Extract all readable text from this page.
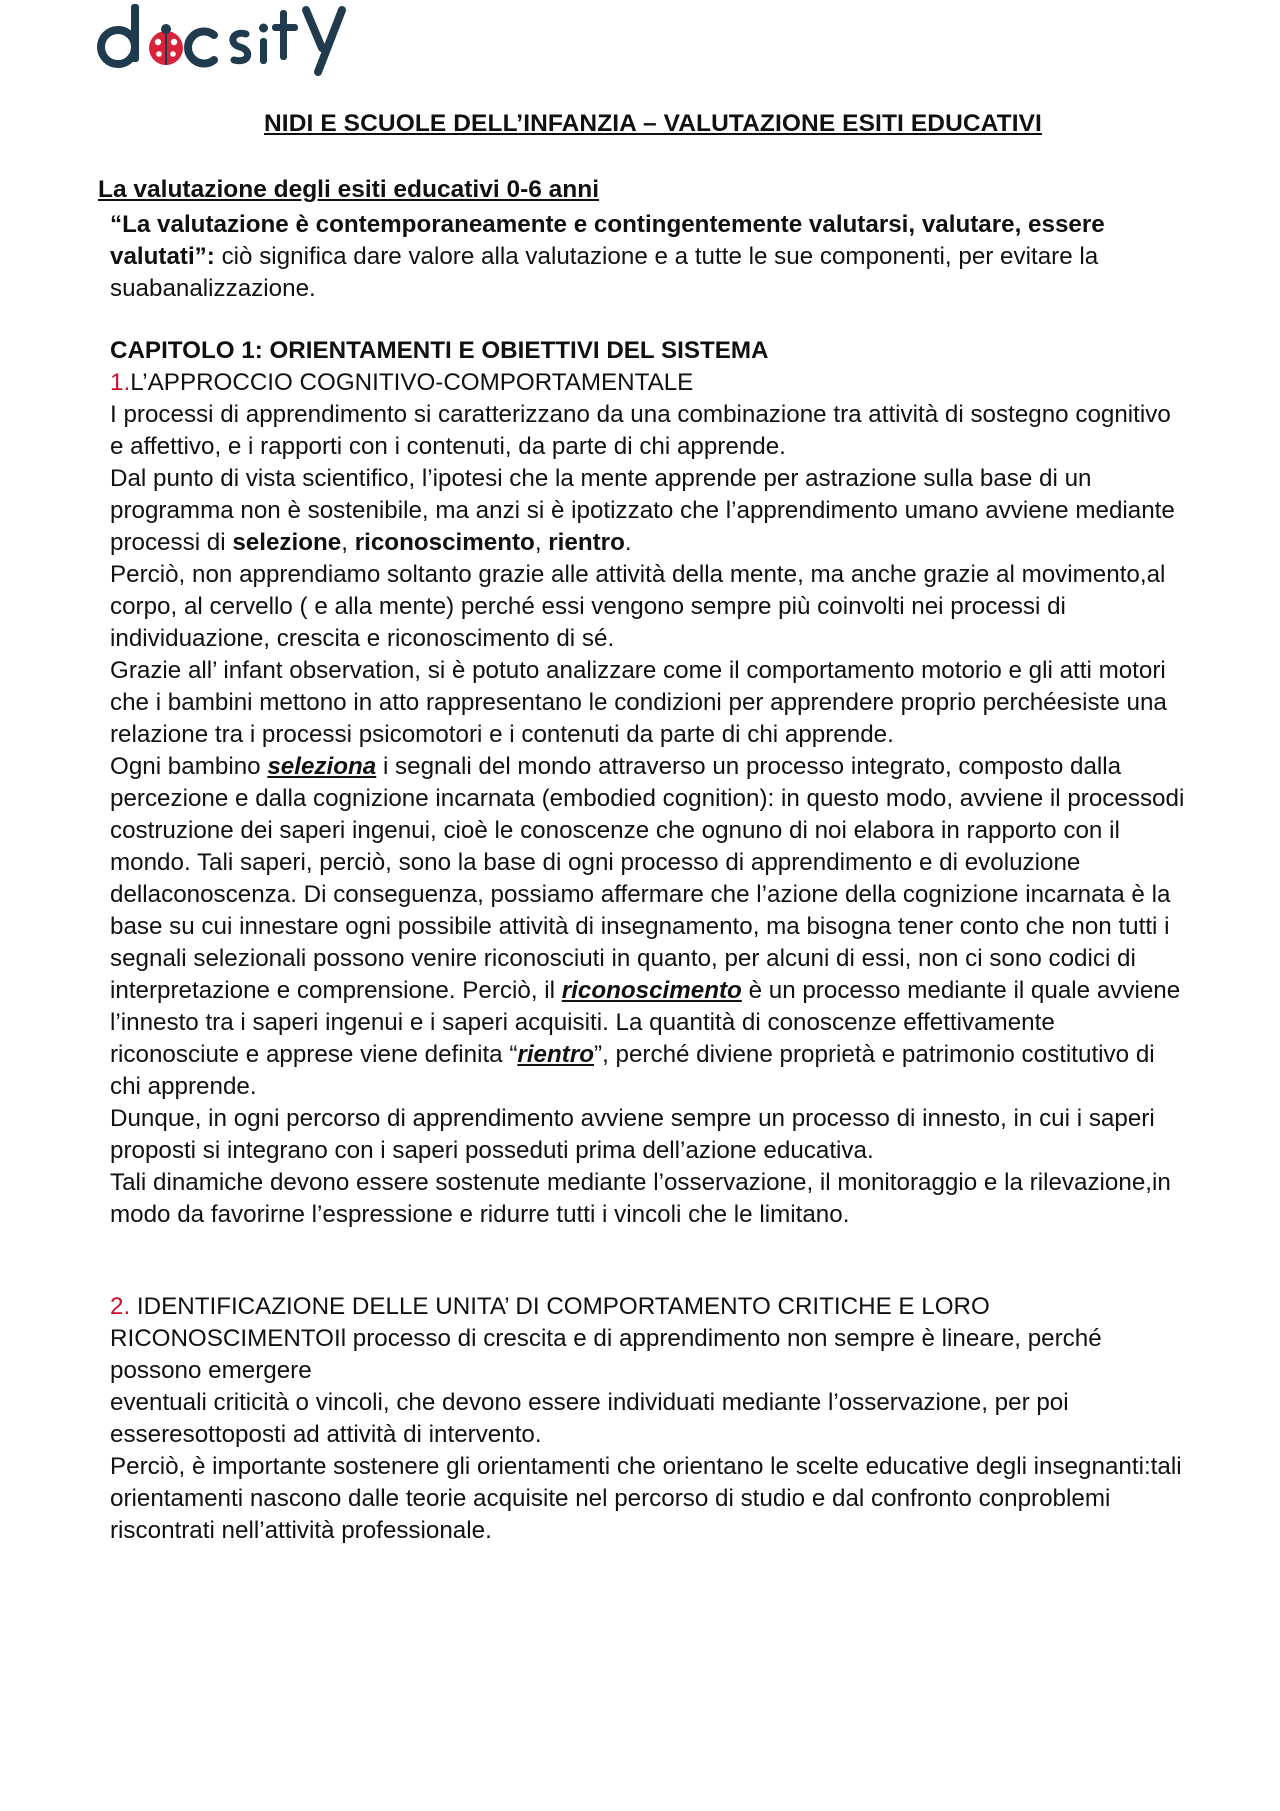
NIDI E SCUOLE DELL’INFANZIA – VALUTAZIONE ESITI EDUCATIVI
La valutazione degli esiti educativi 0-6 anni

“La valutazione è contemporaneamente e contingentemente valutarsi, valutare, essere valutati”: ciò significa dare valore alla valutazione e a tutte le sue componenti, per evitare la suabanalizzazione.

CAPITOLO 1: ORIENTAMENTI E OBIETTIVI DEL SISTEMA

1.L’APPROCCIO COGNITIVO-COMPORTAMENTALE

I processi di apprendimento si caratterizzano da una combinazione tra attività di sostegno cognitivo e affettivo, e i rapporti con i contenuti, da parte di chi apprende.

Dal punto di vista scientifico, l’ipotesi che la mente apprende per astrazione sulla base di un programma non è sostenibile, ma anzi si è ipotizzato che l’apprendimento umano avviene mediante processi di selezione, riconoscimento, rientro.

Perciò, non apprendiamo soltanto grazie alle attività della mente, ma anche grazie al movimento,al corpo, al cervello ( e alla mente) perché essi vengono sempre più coinvolti nei processi di individuazione, crescita e riconoscimento di sé.

Grazie all’ infant observation, si è potuto analizzare come il comportamento motorio e gli atti motori che i bambini mettono in atto rappresentano le condizioni per apprendere proprio perchéesiste una relazione tra i processi psicomotori e i contenuti da parte di chi apprende.

Ogni bambino seleziona i segnali del mondo attraverso un processo integrato, composto dalla percezione e dalla cognizione incarnata (embodied cognition): in questo modo, avviene il processodi costruzione dei saperi ingenui, cioè le conoscenze che ognuno di noi elabora in rapporto con il mondo. Tali saperi, perciò, sono la base di ogni processo di apprendimento e di evoluzione dellaconoscenza. Di conseguenza, possiamo affermare che l’azione della cognizione incarnata è la base su cui innestare ogni possibile attività di insegnamento, ma bisogna tener conto che non tutti i segnali selezionali possono venire riconosciuti in quanto, per alcuni di essi, non ci sono codici di interpretazione e comprensione. Perciò, il riconoscimento è un processo mediante il quale avviene l’innesto tra i saperi ingenui e i saperi acquisiti. La quantità di conoscenze effettivamente riconosciute e apprese viene definita “rientro”, perché diviene proprietà e patrimonio costitutivo di chi apprende.

Dunque, in ogni percorso di apprendimento avviene sempre un processo di innesto, in cui i saperi proposti si integrano con i saperi posseduti prima dell’azione educativa.

Tali dinamiche devono essere sostenute mediante l’osservazione, il monitoraggio e la rilevazione,in modo da favorirne l’espressione e ridurre tutti i vincoli che le limitano.

2. IDENTIFICAZIONE DELLE UNITA’ DI COMPORTAMENTO CRITICHE E LORO

RICONOSCIMENTOIl processo di crescita e di apprendimento non sempre è lineare, perché possono emergere

eventuali criticità o vincoli, che devono essere individuati mediante l’osservazione, per poi esseresottoposti ad attività di intervento.

Perciò, è importante sostenere gli orientamenti che orientano le scelte educative degli insegnanti:tali orientamenti nascono dalle teorie acquisite nel percorso di studio e dal confronto conproblemi riscontrati nell’attività professionale.
